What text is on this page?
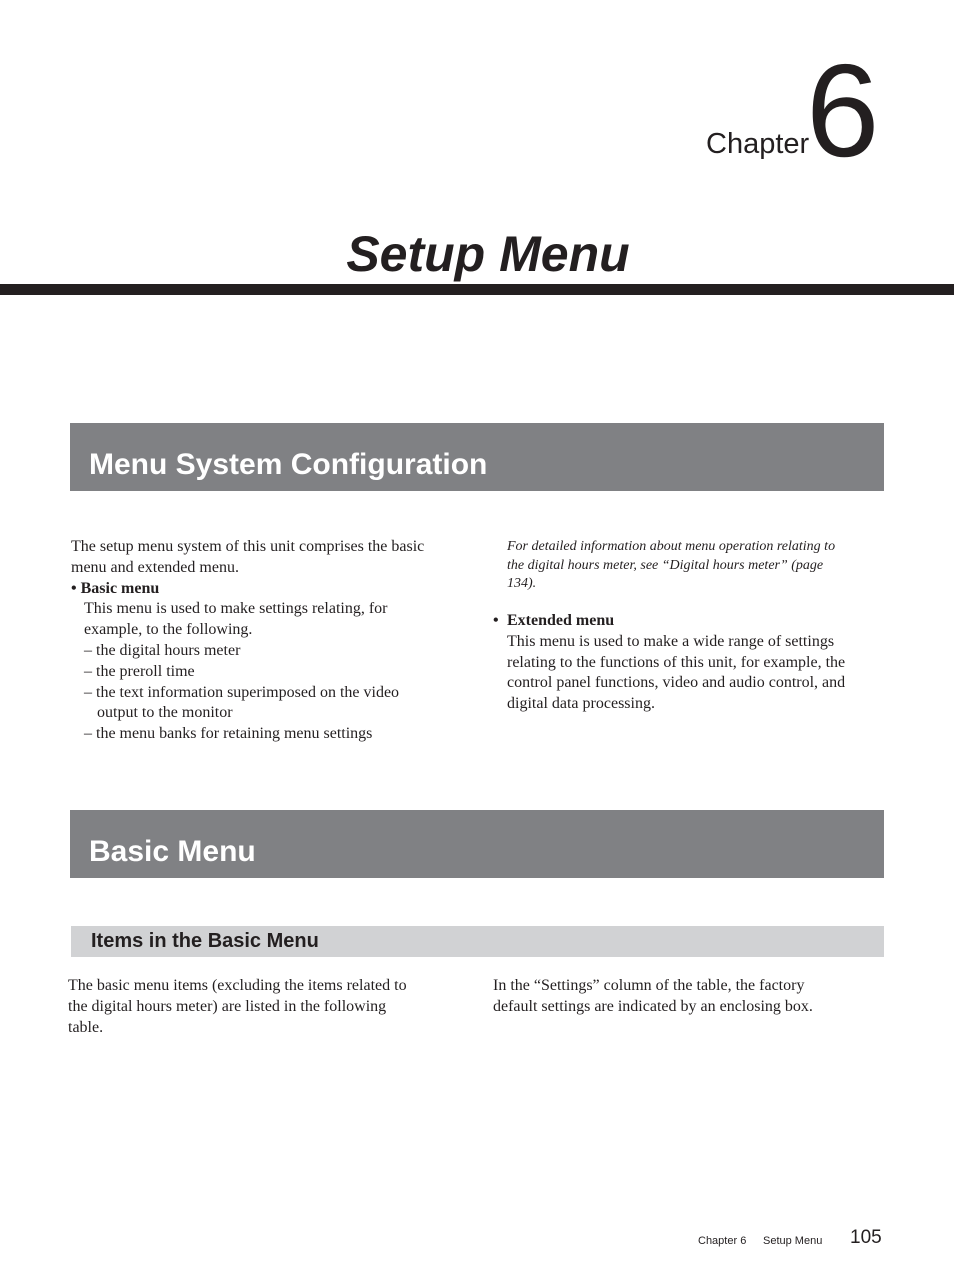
Chapter
6
Setup Menu
Menu System Configuration
The setup menu system of this unit comprises the basic
menu and extended menu.
• Basic menu
This menu is used to make settings relating, for
example, to the following.
– the digital hours meter
– the preroll time
– the text information superimposed on the video
output to the monitor
– the menu banks for retaining menu settings
For detailed information about menu operation relating to
the digital hours meter, see “Digital hours meter” (page
134).
• Extended menu
This menu is used to make a wide range of settings
relating to the functions of this unit, for example, the
control panel functions, video and audio control, and
digital data processing.
Basic Menu
Items in the Basic Menu
The basic menu items (excluding the items related to
the digital hours meter) are listed in the following
table.
In the “Settings” column of the table, the factory
default settings are indicated by an enclosing box.
Chapter 6 Setup Menu 105
